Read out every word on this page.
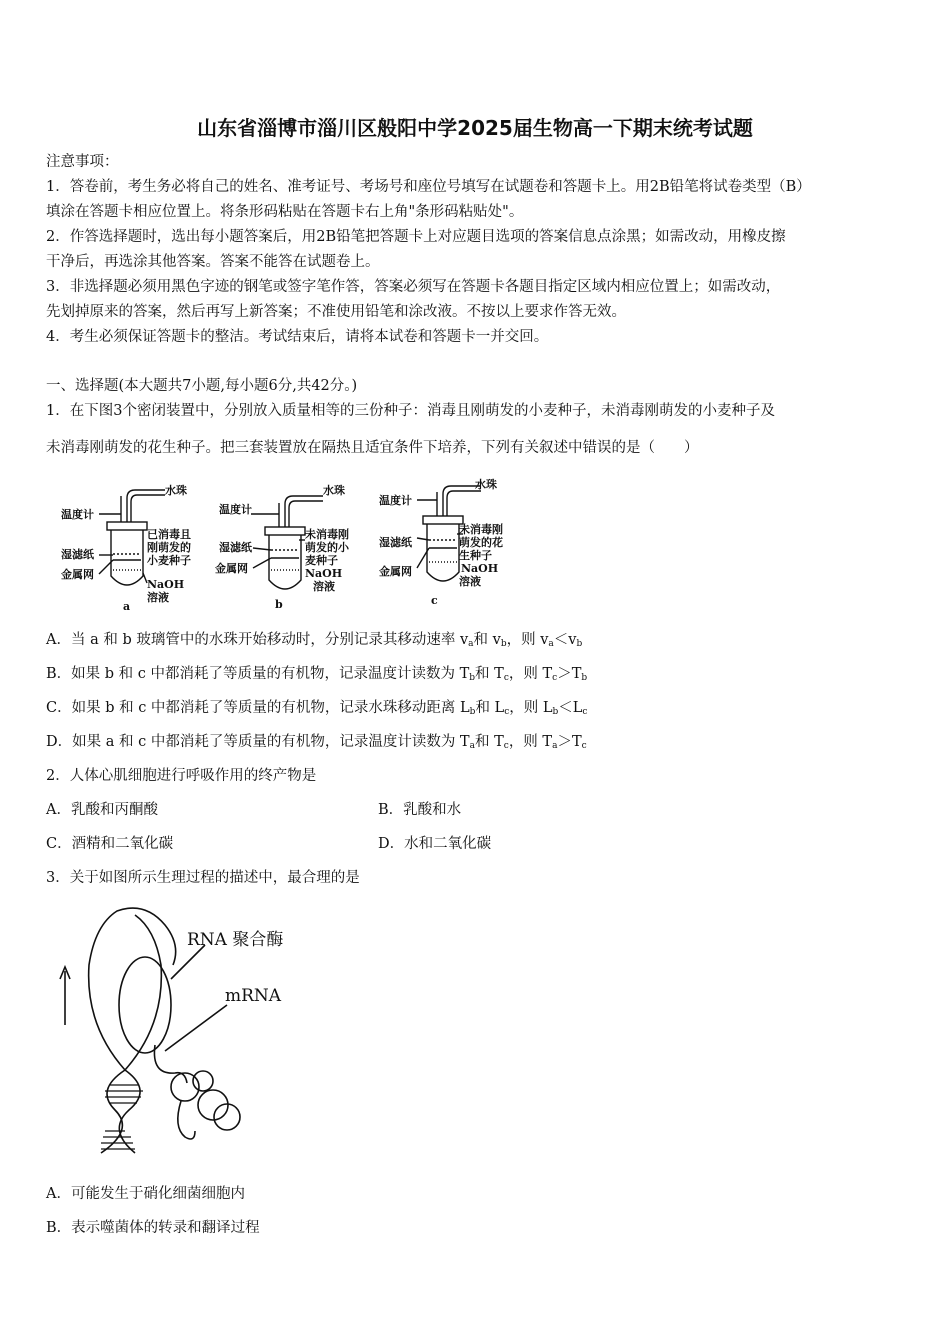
山东省淄博市淄川区般阳中学2025届生物高一下期末统考试题
注意事项：
1．答卷前，考生务必将自己的姓名、准考证号、考场号和座位号填写在试题卷和答题卡上。用2B铅笔将试卷类型（B）
填涂在答题卡相应位置上。将条形码粘贴在答题卡右上角"条形码粘贴处"。
2．作答选择题时，选出每小题答案后，用2B铅笔把答题卡上对应题目选项的答案信息点涂黑；如需改动，用橡皮擦
干净后，再选涂其他答案。答案不能答在试题卷上。
3．非选择题必须用黑色字迹的钢笔或签字笔作答，答案必须写在答题卡各题目指定区域内相应位置上；如需改动，
先划掉原来的答案，然后再写上新答案；不准使用铅笔和涂改液。不按以上要求作答无效。
4．考生必须保证答题卡的整洁。考试结束后，请将本试卷和答题卡一并交回。
一、选择题(本大题共7小题,每小题6分,共42分。)
1．在下图3个密闭装置中，分别放入质量相等的三份种子：消毒且刚萌发的小麦种子，未消毒刚萌发的小麦种子及
未消毒刚萌发的花生种子。把三套装置放在隔热且适宜条件下培养，下列有关叙述中错误的是（　　）
水珠
温度计
湿滤纸
金属网
已消毒且
刚萌发的
小麦种子
NaOH
溶液
a
水珠
温度计
湿滤纸
金属网
未消毒刚
萌发的小
麦种子
NaOH
溶液
b
水珠
温度计
湿滤纸
金属网
未消毒刚
萌发的花
生种子
NaOH
溶液
c
A．当 a 和 b 玻璃管中的水珠开始移动时，分别记录其移动速率 $v_a$和 $v_b$，则 $v_a<v_b$
B．如果 b 和 c 中都消耗了等质量的有机物，记录温度计读数为 $T_b$和 $T_c$，则 $T_c>T_b$
C．如果 b 和 c 中都消耗了等质量的有机物，记录水珠移动距离 $L_b$和 $L_c$，则 $L_b<L_c$
D．如果 a 和 c 中都消耗了等质量的有机物，记录温度计读数为 $T_a$和 $T_c$，则 $T_a>T_c$
2．人体心肌细胞进行呼吸作用的终产物是
A．乳酸和丙酮酸	B．乳酸和水
C．酒精和二氧化碳	D．水和二氧化碳
3．关于如图所示生理过程的描述中，最合理的是
RNA 聚合酶
mRNA
A．可能发生于硝化细菌细胞内
B．表示噬菌体的转录和翻译过程
